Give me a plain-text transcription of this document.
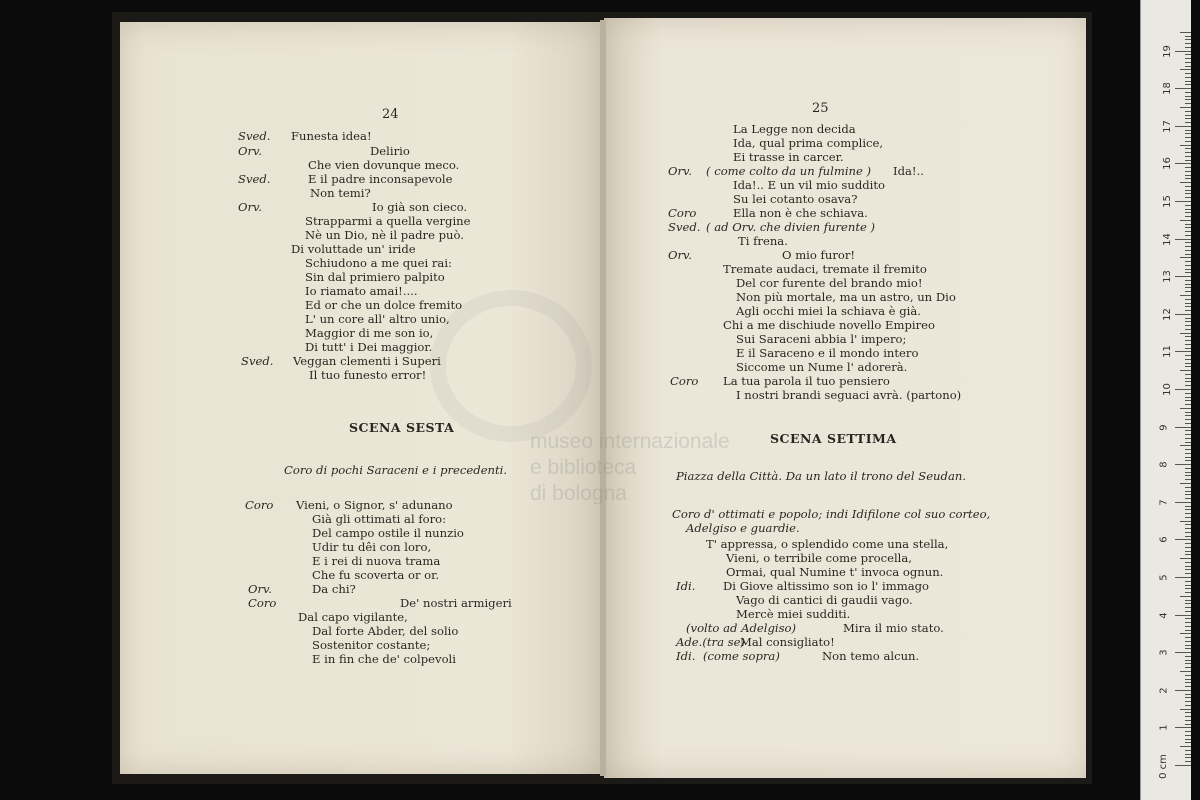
museo internazionale
e biblioteca
di bologna
24	25
SCENA SESTA
SCENA SETTIMA
Sved. Funesta idea!
Orv.	Delirio
Che vien dovunque meco.
Sved.	E il padre inconsapevole
Non temi?
Orv.	Io già son cieco.
Strapparmi a quella vergine
Nè un Dio, nè il padre può.
Di voluttade un' iride
Schiudono a me quei rai:
Sin dal primiero palpito
Io riamato amai!....
Ed or che un dolce fremito
L' un core all' altro unio,
Maggior di me son io,
Di tutt' i Dei maggior.
Sved. Veggan clementi i Superi
Il tuo funesto error!
Coro di pochi Saraceni e i precedenti.
Coro Vieni, o Signor, s' adunano
Già gli ottimati al foro:
Del campo ostile il nunzio
Udir tu dêi con loro,
E i rei di nuova trama
Che fu scoverta or or.
Orv.	Da chi?
Coro	De' nostri armigeri
Dal capo vigilante,
Dal forte Abder, del solio
Sostenitor costante;
E in fin che de' colpevoli
La Legge non decida
Ida, qual prima complice,
Ei trasse in carcer.
Orv. ( come colto da un fulmine ) Ida!..
Ida!.. E un vil mio suddito
Su lei cotanto osava?
Coro	Ella non è che schiava.
Sved. ( ad Orv. che divien furente )
Ti frena.
Orv.	O mio furor!
Tremate audaci, tremate il fremito
Del cor furente del brando mio!
Non più mortale, ma un astro, un Dio
Agli occhi miei la schiava è già.
Chi a me dischiude novello Empireo
Sui Saraceni abbia l' impero;
E il Saraceno e il mondo intero
Siccome un Nume l' adorerà.
Coro La tua parola il tuo pensiero
I nostri brandi seguaci avrà. (partono)
Piazza della Città. Da un lato il trono del Seudan.
Coro d' ottimati e popolo; indi Idifilone col suo corteo,
Adelgiso e guardie.
T' appressa, o splendido come una stella,
Vieni, o terribile come procella,
Ormai, qual Numine t' invoca ognun.
Idi. Di Giove altissimo son io l' immago
Vago di cantici di gaudii vago.
Mercè miei sudditi.
(volto ad Adelgiso)	Mira il mio stato.
Ade.(tra se)
Mal consigliato!
Idi. (come sopra)	Non temo alcun.
0 cm
1
2
3
4
5
6
7
8
9
10
11
12
13
14
15
16
17
18
19
